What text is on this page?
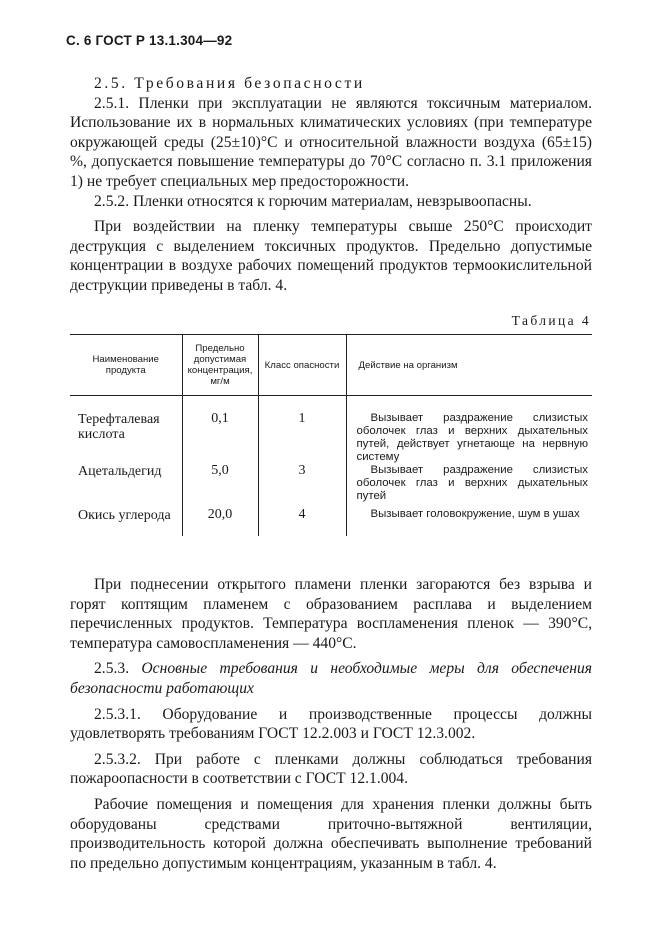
С. 6 ГОСТ Р 13.1.304—92

2.5. Требования безопасности

2.5.1. Пленки при эксплуатации не являются токсичным материалом. Использование их в нормальных климатических условиях (при температуре окружающей среды (25±10)°С и относительной влажности воздуха (65±15) %, допускается повышение температуры до 70°С согласно п. 3.1 приложения 1) не требует специальных мер предосторожности.

2.5.2. Пленки относятся к горючим материалам, невзрывоопасны.

При воздействии на пленку температуры свыше 250°С происходит деструкция с выделением токсичных продуктов. Предельно допустимые концентрации в воздухе рабочих помещений продуктов термоокислительной деструкции приведены в табл. 4.

Таблица 4
Наименование продукта	Предельно допустимая концентрация, мг/м	Класс опасности	Действие на организм
Терефталевая кислота	0,1	1	Вызывает раздражение слизистых оболочек глаз и верхних дыхательных путей, действует угнетающе на нервную систему

Ацетальдегид	5,0	3	Вызывает раздражение слизистых оболочек глаз и верхних дыхательных путей

Окись углерода	20,0	4	Вызывает головокружение, шум в ушах

При поднесении открытого пламени пленки загораются без взрыва и горят коптящим пламенем с образованием расплава и выделением перечисленных продуктов. Температура воспламенения пленок — 390°С, температура самовоспламенения — 440°С.

2.5.3. Основные требования и необходимые меры для обеспечения безопасности работающих

2.5.3.1. Оборудование и производственные процессы должны удовлетворять требованиям ГОСТ 12.2.003 и ГОСТ 12.3.002.

2.5.3.2. При работе с пленками должны соблюдаться требования пожароопасности в соответствии с ГОСТ 12.1.004.

Рабочие помещения и помещения для хранения пленки должны быть оборудованы средствами приточно-вытяжной вентиляции, производительность которой должна обеспечивать выполнение требований по предельно допустимым концентрациям, указанным в табл. 4.
